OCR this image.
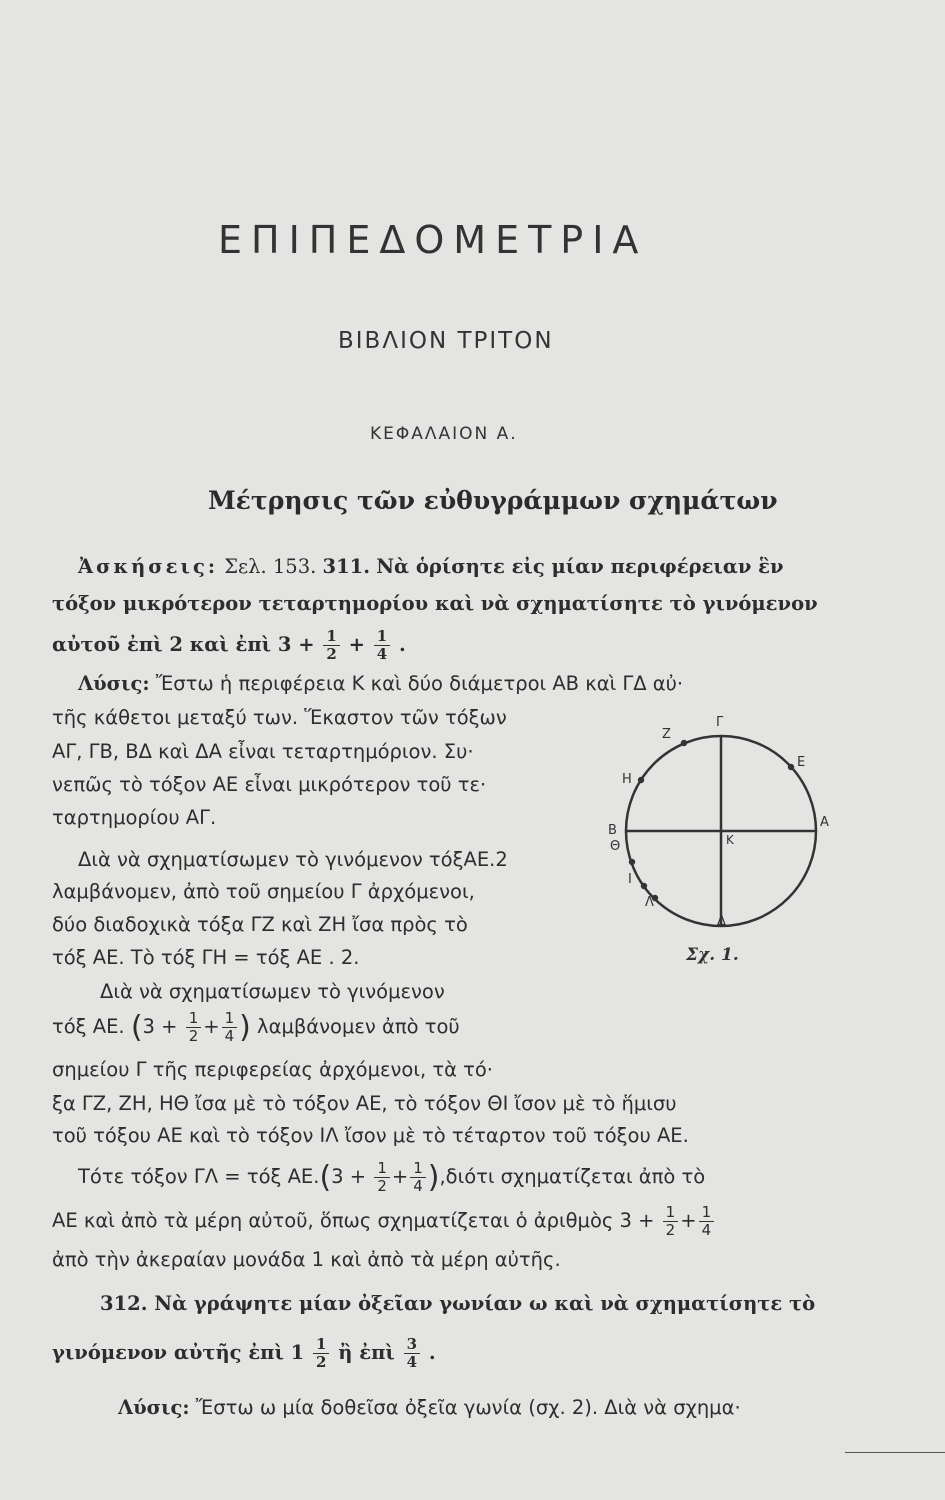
ΕΠΙΠΕΔΟΜΕΤΡΙΑ
ΒΙΒΛΙΟΝ ΤΡΙΤΟΝ
ΚΕΦΑΛΑΙΟΝ Α.
Μέτρησις τῶν εὐθυγράμμων σχημάτων
Ἀσκήσεις: Σελ. 153. 311. Νὰ ὁρίσητε εἰς μίαν περιφέρειαν ἓν
τόξον μικρότερον τεταρτημορίου καὶ νὰ σχηματίσητε τὸ γινόμενον
αὐτοῦ ἐπὶ 2 καὶ ἐπὶ $3 + \frac{1}{2} + \frac{1}{4}$ .
Λύσις: Ἔστω ἡ περιφέρεια Κ καὶ δύο διάμετροι ΑΒ καὶ ΓΔ αὐ·
τῆς κάθετοι μεταξύ των. Ἕκαστον τῶν τόξων
ΑΓ, ΓΒ, ΒΔ καὶ ΔΑ εἶναι τεταρτημόριον. Συ·
νεπῶς τὸ τόξον ΑΕ εἶναι μικρότερον τοῦ τε·
ταρτημορίου ΑΓ.
Διὰ νὰ σχηματίσωμεν τὸ γινόμενον τόξΑΕ.2
λαμβάνομεν, ἀπὸ τοῦ σημείου Γ ἀρχόμενοι,
δύο διαδοχικὰ τόξα ΓΖ καὶ ΖΗ ἴσα πρὸς τὸ
τόξ ΑΕ. Τὸ τόξ ΓΗ = τόξ ΑΕ . 2.
Διὰ νὰ σχηματίσωμεν τὸ γινόμενον
τόξ ΑΕ. ($3 + \frac{1}{2} + \frac{1}{4}$ ) λαμβάνομεν ἀπὸ τοῦ
σημείου Γ τῆς περιφερείας ἀρχόμενοι, τὰ τό·
ξα ΓΖ, ΖΗ, ΗΘ ἴσα μὲ τὸ τόξον ΑΕ, τὸ τόξον ΘΙ ἴσον μὲ τὸ ἥμισυ
τοῦ τόξου ΑΕ καὶ τὸ τόξον ΙΛ ἴσον μὲ τὸ τέταρτον τοῦ τόξου ΑΕ.
Τότε τόξον ΓΛ = τόξ $AE.(3 + \frac{1}{2} + \frac{1}{4} ),\delta\iota ό\tau\iota$ σχηματίζεται ἀπὸ τὸ
ΑΕ καὶ ἀπὸ τὰ μέρη αὐτοῦ, ὅπως σχηματίζεται ὁ ἀριθμὸς $3 + \frac{1}{2} + \frac{1}{4}$
ἀπὸ τὴν ἀκεραίαν μονάδα 1 καὶ ἀπὸ τὰ μέρη αὐτῆς.
312. Νὰ γράψητε μίαν ὀξεῖαν γωνίαν ω καὶ νὰ σχηματίσητε τὸ
γινόμενον αὐτῆς ἐπὶ $1 \frac{1}{2}$ ἢ ἐπὶ $\frac{3}{4}$ .
Λύσις: Ἔστω ω μία δοθεῖσα ὀξεῖα γωνία (σχ. 2). Διὰ νὰ σχημα·
Γ
Ζ
Ε
Η
Α
Β
Κ
Θ
Ι
Λ
Δ
Σχ. 1.
